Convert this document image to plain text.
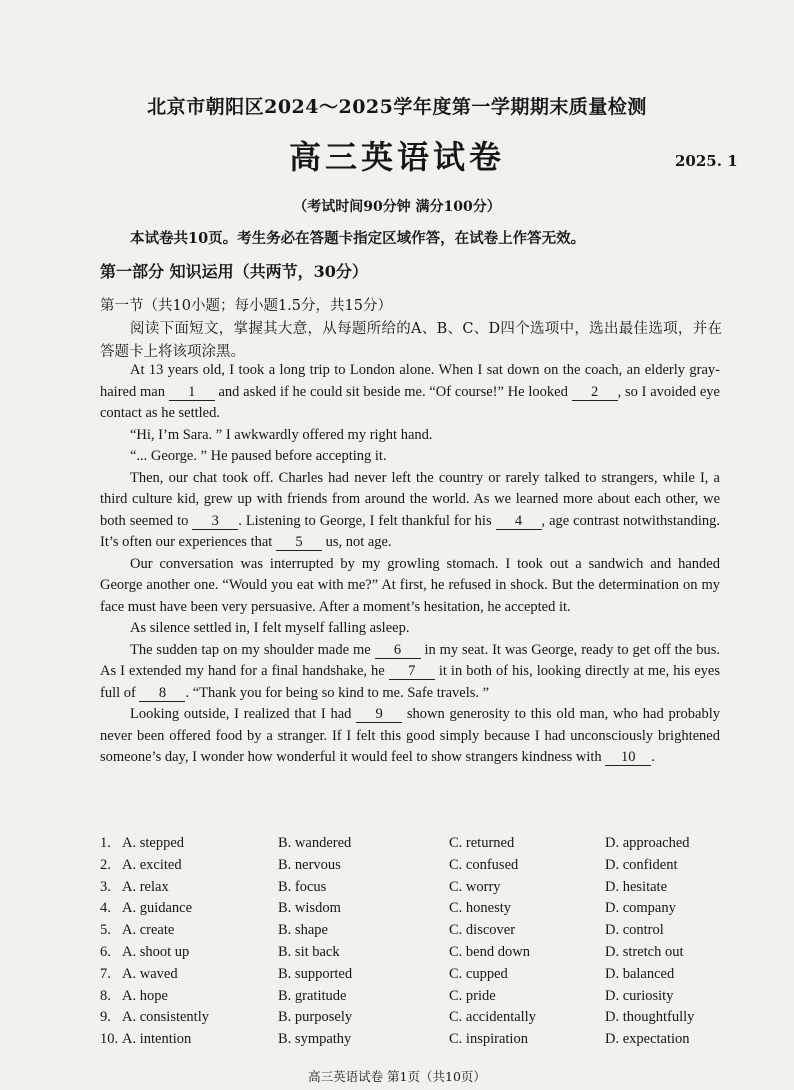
北京市朝阳区2024～2025学年度第一学期期末质量检测
高三英语试卷	2025. 1
（考试时间90分钟 满分100分）
本试卷共10页。考生务必在答题卡指定区域作答，在试卷上作答无效。
第一部分 知识运用（共两节，30分）
第一节（共10小题；每小题1.5分，共15分）
阅读下面短文，掌握其大意，从每题所给的A、B、C、D四个选项中，选出最佳选项，并在答题卡上将该项涂黑。

At 13 years old, I took a long trip to London alone. When I sat down on the coach, an elderly gray-haired man 1 and asked if he could sit beside me. “Of course!” He looked 2 , so I avoided eye contact as he settled.

“Hi, I’m Sara. ” I awkwardly offered my right hand.

“... George. ” He paused before accepting it.

Then, our chat took off. Charles had never left the country or rarely talked to strangers, while I, a third culture kid, grew up with friends from around the world. As we learned more about each other, we both seemed to 3 . Listening to George, I felt thankful for his 4 , age contrast notwithstanding. It’s often our experiences that 5 us, not age.

Our conversation was interrupted by my growling stomach. I took out a sandwich and handed George another one. “Would you eat with me?” At first, he refused in shock. But the determination on my face must have been very persuasive. After a moment’s hesitation, he accepted it.

As silence settled in, I felt myself falling asleep.

The sudden tap on my shoulder made me 6 in my seat. It was George, ready to get off the bus. As I extended my hand for a final handshake, he 7 it in both of his, looking directly at me, his eyes full of 8 . “Thank you for being so kind to me. Safe travels. ”

Looking outside, I realized that I had 9 shown generosity to this old man, who had probably never been offered food by a stranger. If I felt this good simply because I had unconsciously brightened someone’s day, I wonder how wonderful it would feel to show strangers kindness with 10 .

1. A. stepped	B. wandered	C. returned	D. approached
2. A. excited	B. nervous	C. confused	D. confident
3. A. relax	B. focus	C. worry	D. hesitate
4. A. guidance	B. wisdom	C. honesty	D. company
5. A. create	B. shape	C. discover	D. control
6. A. shoot up	B. sit back	C. bend down	D. stretch out
7. A. waved	B. supported	C. cupped	D. balanced
8. A. hope	B. gratitude	C. pride	D. curiosity
9. A. consistently	B. purposely	C. accidentally	D. thoughtfully
10. A. intention	B. sympathy	C. inspiration	D. expectation
高三英语试卷 第1页（共10页）
